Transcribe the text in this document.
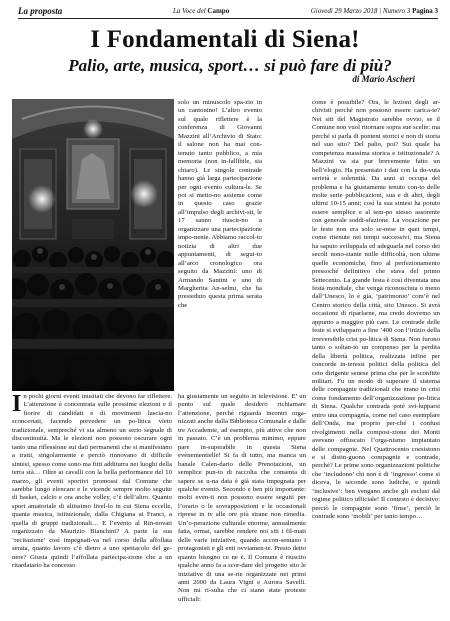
La proposta	La Voce del Campo	Giovedì 29 Marzo 2018 | Numero 3 Pagina 3
I Fondamentali di Siena!
Palio, arte, musica, sport… si può fare di più?
di Mario Ascheri

In pochi giorni eventi inusitati che devono far riflettere. L’attenzione è concentrata sulle prossime elezioni e il fiorire di candidati e di movimenti lascia-no sconcertati, facendo prevedere un po-litica vieto tradizionale, sempreché vi sia almeno un serio segnale di discontinuità. Ma le elezioni non possono oscurare ogni tanto una riflessione sui dati permanenti che si manifestano a tratti, singolarmente e perciò rinnovano di difficile sintesi, spesso come sono ma fitti additurra nei luoghi della terra stà… Oltre ai cavalli con la bella performance del 10 marzo, gli eventi sportivi promossi dal Comune che sarebbe lungo elencare e le vicende sempre molto seguite di basket, calcio e ora anche volley, c’è dell’altro. Quanto sport amatoriale di altissimo livel-lo in cui Siena eccelle, quanta musica, istituzionale, dalla Chigiana ai Franci, a quella di gruppi tradizionali… E l’evento al Rin-novati organizzato da Maurizio Bianchini? A parte la sua ‘recitazione’ così impegnati-va nel corso della affollata serata, quanto lavoro c’è dietro a uno spettacolo del ge-nere? Giusta quindi l’affollata partecipa-zione che a un ritardatario ha concesso

solo un minuscolo spa-zio in un cantonino! L’altro evento sul quale riflettere è la conferenza di Giovanni Mazzini all’Archivio di Stato: il salone non ha mai con-tenuto tanto pubblico, a mia memoria (non in-fallibile, sia chiaro). Le singole contrade hanno già larga partecipazione per ogni evento cultura-le. Se poi si metto-no assieme come in questo caso grazie all’impulso degli archivi-sti, le 17 sanno riuscir-no a organizzare una partecipazione impo-nente. Abbiamo raccol-to notizia di altri due appuntamenti, di segui-to all’arco cronologico ora seguito da Mazzini: uno di Armando Santini e uno di Margherita An-selmi, che ha presieduto questa prima serata che

ha giustamente un seguito in televisione. E’ un punto sul quale desidero richiamare l’attenzione, perché riguarda incontri orga-nizzati anche dalla Biblioteca Comunale e dalle tre Accademie, ad esempio, più attive che non in passato. C’è un problema minimo, eppure pare in-superabile in questa Siena evènementielle! Si fa di tutto, ma manca un banale Calen-dario delle Prenotazioni, un semplice pun-to di raccolta che consenta di sapere se u-na data è già stata impegnata per qualche evento. Secondo e ben più importante: molti even-ti non possono essere seguiti per l’orario o le sovrapposizioni e le occasionali riprese in tv alle ore più strane non rimedia. Un’o-perazione culturale enorme, annualmente fatta, ormai, sarebbe rendere noi siti i fil-mati delle varie iniziative, quando accon-sentano i protagonisti e gli enti ovviamen-te. Presto detto quanto bisogno ce ne è. Il Comune è riuscito qualche anno fa a scor-dare del progetto sito le iniziative di una se-rie organizzate nei primi anni 2000 da Laura Vigni e Aurora Savelli. Non mi ri-sulta che ci siano state proteste ufficiali:

come è possibile? Ora, le lezioni degli ar-chivisti perché non possono essere carica-te? Nei siti del Magistrato sarebbe ovvio, se il Comune non vuol ritornare sopra sue scelte: ma perché si parla di ponteni storici e non di storia nel suo sito? Del palio, poi? Sui quale ha competenza massima storica e istituzionale? A Mazzini va sia pur brevemente fatto un bell’elogio. Ha presentato i dati con la do-vuta serietà e solennità. Da anni si occupa del problema e ha giustamente tenuto con-to delle molte serie pubblicazioni, sua e di altri, degli ultimi 10-15 anni; così la sua sintesi ha potuto essere semplice e al tem-po stesso assorente con generale soddi-sfazione. La vocazione per le feste non era solo se-nese in quei tempi, come ritenute nei tempi successivi, ma Siena ha saputo sviluppala ed adeguarla nel corso dei secoli nono-stante mille difficoltà, non ultime quelle economiche, fino al perfezionamento pressoché definitivo che stava del primo Settecento. La grande festa è così diventata una festa mondiale, che venga riconosciuta o meno dall’Unesco, lo è già, ‘patrimonio’ com’è nel Centro storico della città, sito Unesco. Si avrà occasione di riparlarne, ma credo dovremo un appunto a maggior più care. Le contrade delle feste si svilupparo a fine ’400 con l’inizio della irreversibile crisi po-litica di Siena. Non furono tanto o soltan-to un compenso per la perdita della libertà politica, realizzata infine per concorde in-teressi politici della politica del ceto dirigente senese prima che per le sconfitte militari. Fu un modo di superare il sistema delle compagnie tradizionali che erano in crisi come fondamento dell’organizzazione po-litica di Siena. Qualche contrada poté svi-lupparsi entro una compagnia, come nel caso esemplare dell’Onda, ma proprio per-ché i confusi rivolgimenti nella composi-zione dei Monti avevano offuscato l’orga-nismo impiantato delle compagnie. Nel Quattrocento coesistono e si distin-guono compagnie e contrade, perché? Le prime sono organizzazioni politiche che ‘includono’ chi non è di ‘ingresso’ come si diceva, le seconde sono ludiche, e quindi ‘inclusive’: ben vengano anche gli esclusi dal regime politico ufficiale! Il contesto è decisivo: perciò le compagnie sono ‘finse’, perciò le contrade sono ‘mobili’ per tanto tempo…
